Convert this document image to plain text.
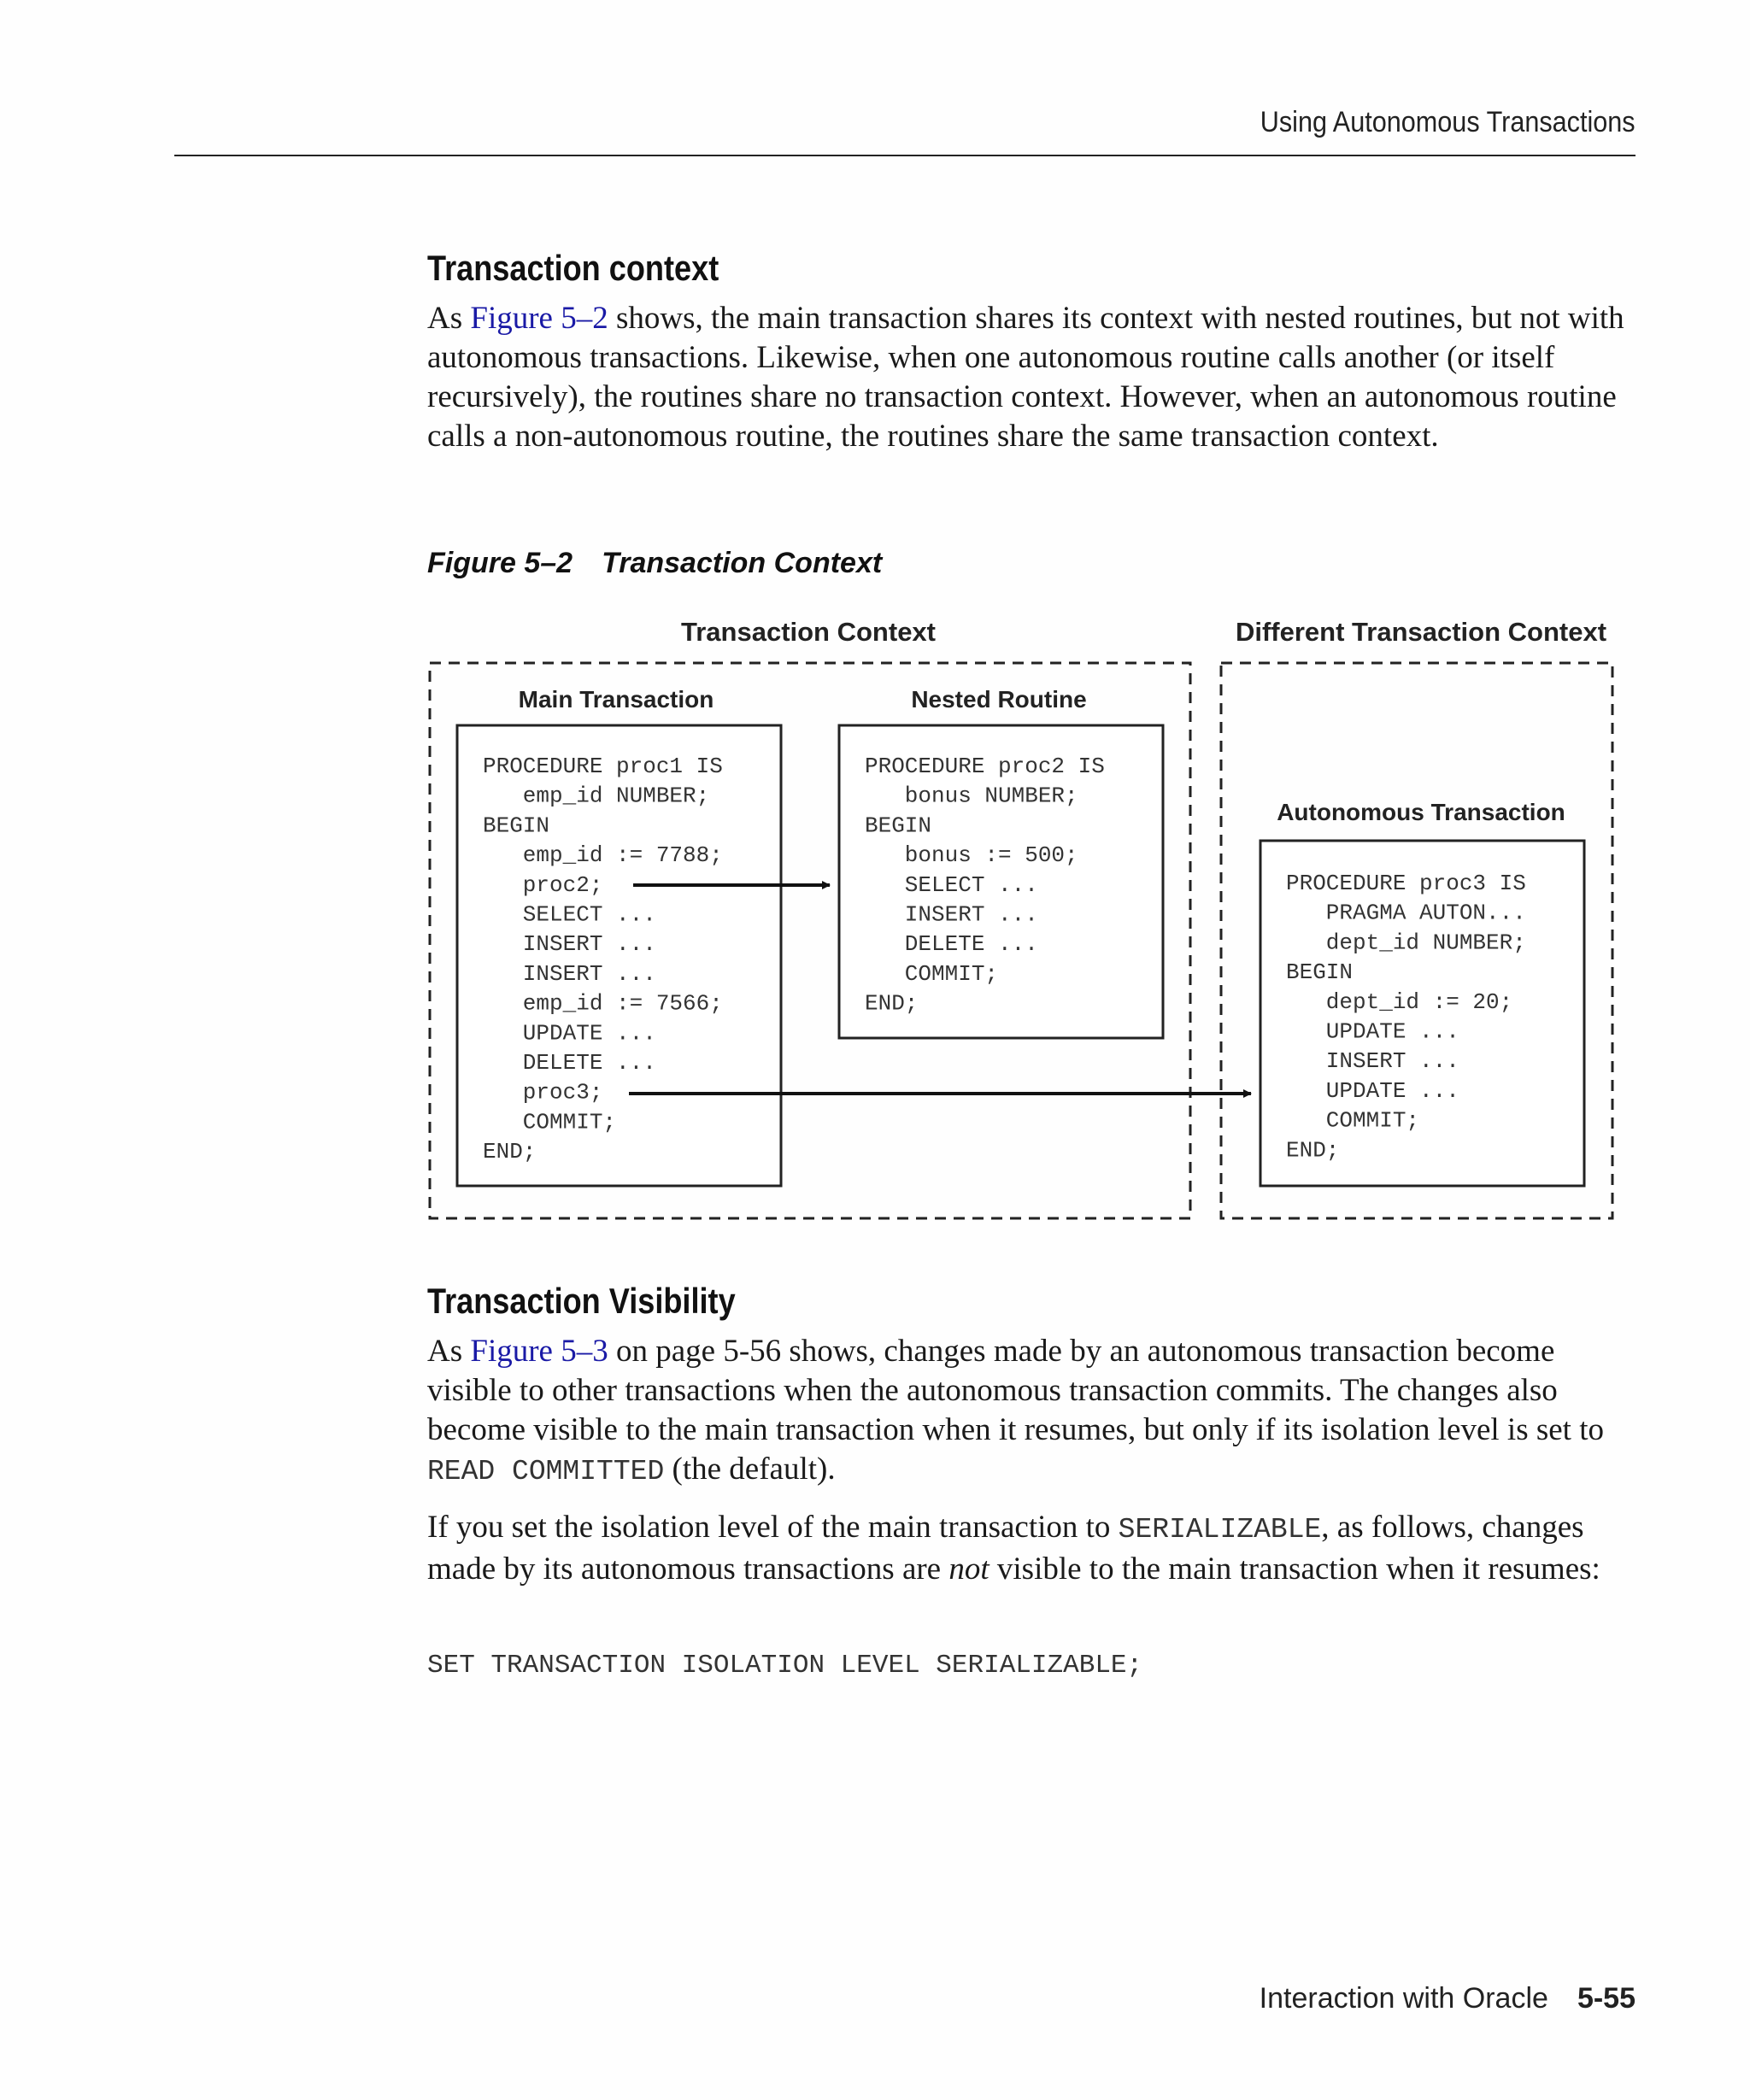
Using Autonomous Transactions
Transaction context

As Figure 5–2 shows, the main transaction shares its context with nested routines, but not with autonomous transactions. Likewise, when one autonomous routine calls another (or itself recursively), the routines share no transaction context. However, when an autonomous routine calls a non-autonomous routine, the routines share the same transaction context.

Figure 5–2 Transaction Context
Transaction Context	Different Transaction Context
Main Transaction	Nested Routine
Autonomous Transaction
PROCEDURE proc1 IS
emp_id NUMBER;
BEGIN
emp_id := 7788;
proc2;
SELECT ...
INSERT ...
INSERT ...
emp_id := 7566;
UPDATE ...
DELETE ...
proc3;
COMMIT;
END;
PROCEDURE proc2 IS
bonus NUMBER;
BEGIN
bonus := 500;
SELECT ...
INSERT ...
DELETE ...
COMMIT;
END;
PROCEDURE proc3 IS
PRAGMA AUTON...
dept_id NUMBER;
BEGIN
dept_id := 20;
UPDATE ...
INSERT ...
UPDATE ...
COMMIT;
END;
Transaction Visibility

As Figure 5–3 on page 5-56 shows, changes made by an autonomous transaction become visible to other transactions when the autonomous transaction commits. The changes also become visible to the main transaction when it resumes, but only if its isolation level is set to READ COMMITTED (the default).

If you set the isolation level of the main transaction to SERIALIZABLE, as follows, changes made by its autonomous transactions are not visible to the main transaction when it resumes:

SET TRANSACTION ISOLATION LEVEL SERIALIZABLE;
Interaction with Oracle 5-55
